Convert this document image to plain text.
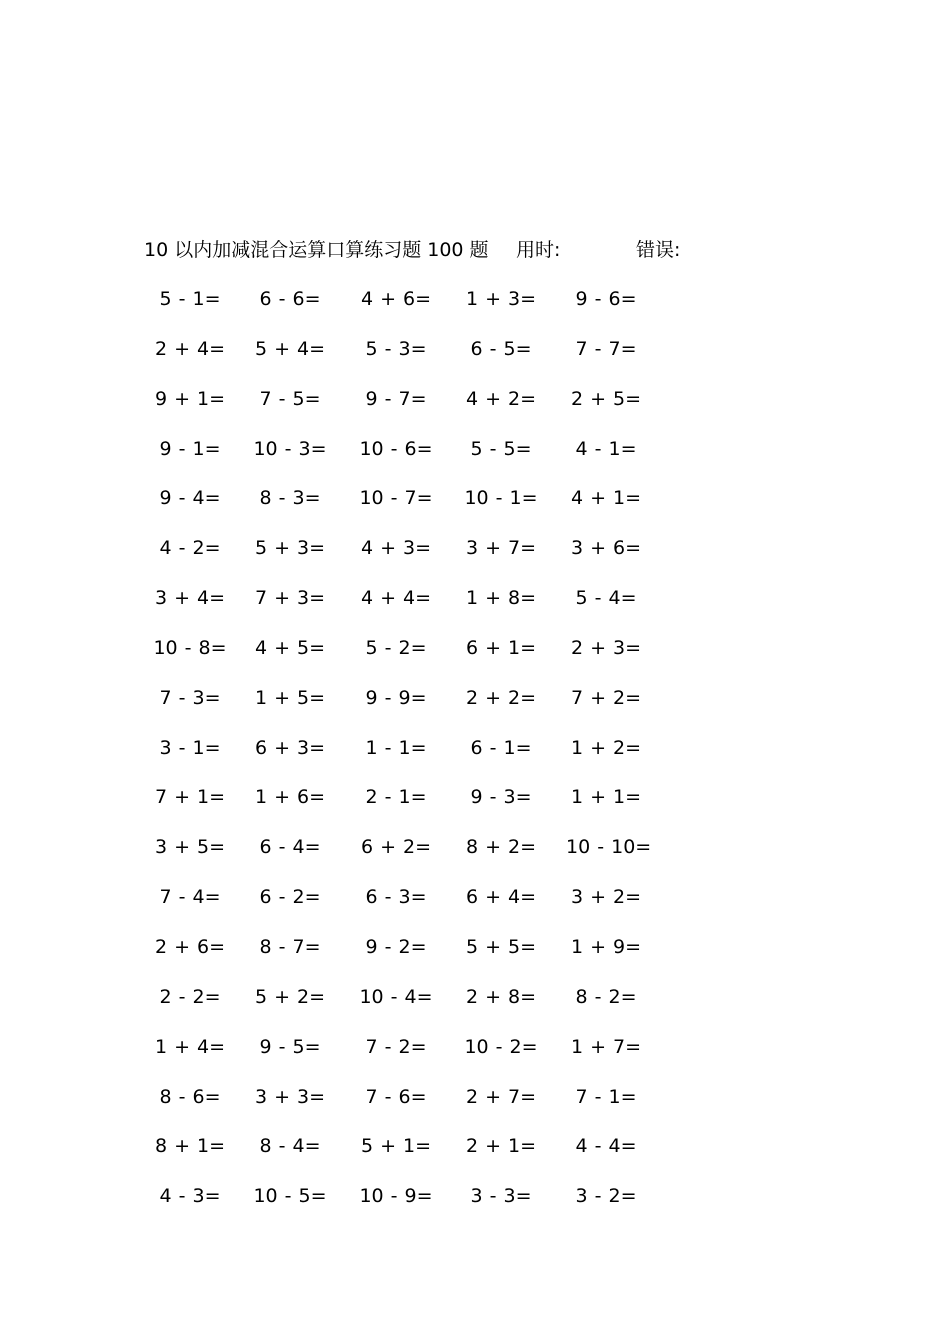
10 以内加减混合运算口算练习题 100 题 用时:	错误:
5 - 1=	6 - 6=	4 + 6= 1 + 3=	9 - 6=
2 + 4= 5 + 4=	5 - 3=	6 - 5=	7 - 7=
9 + 1=	7 - 5=	9 - 7=	4 + 2= 2 + 5=
9 - 1=	10 - 3= 10 - 6=	5 - 5=	4 - 1=
9 - 4=	8 - 3=	10 - 7= 10 - 1= 4 + 1=
4 - 2=	5 + 3= 4 + 3= 3 + 7= 3 + 6=
3 + 4= 7 + 3= 4 + 4= 1 + 8=	5 - 4=
10 - 8= 4 + 5=	5 - 2=	6 + 1= 2 + 3=
7 - 3=	1 + 5=	9 - 9=	2 + 2= 7 + 2=
3 - 1=	6 + 3=	1 - 1=	6 - 1=	1 + 2=
7 + 1= 1 + 6=	2 - 1=	9 - 3=	1 + 1=
3 + 5=	6 - 4=	6 + 2= 8 + 2= 10 - 10=
7 - 4=	6 - 2=	6 - 3=	6 + 4= 3 + 2=
2 + 6=	8 - 7=	9 - 2=	5 + 5= 1 + 9=
2 - 2=	5 + 2= 10 - 4= 2 + 8=	8 - 2=
1 + 4=	9 - 5=	7 - 2=	10 - 2= 1 + 7=
8 - 6=	3 + 3=	7 - 6=	2 + 7=	7 - 1=
8 + 1=	8 - 4=	5 + 1= 2 + 1=	4 - 4=
4 - 3=	10 - 5= 10 - 9=	3 - 3=	3 - 2=
